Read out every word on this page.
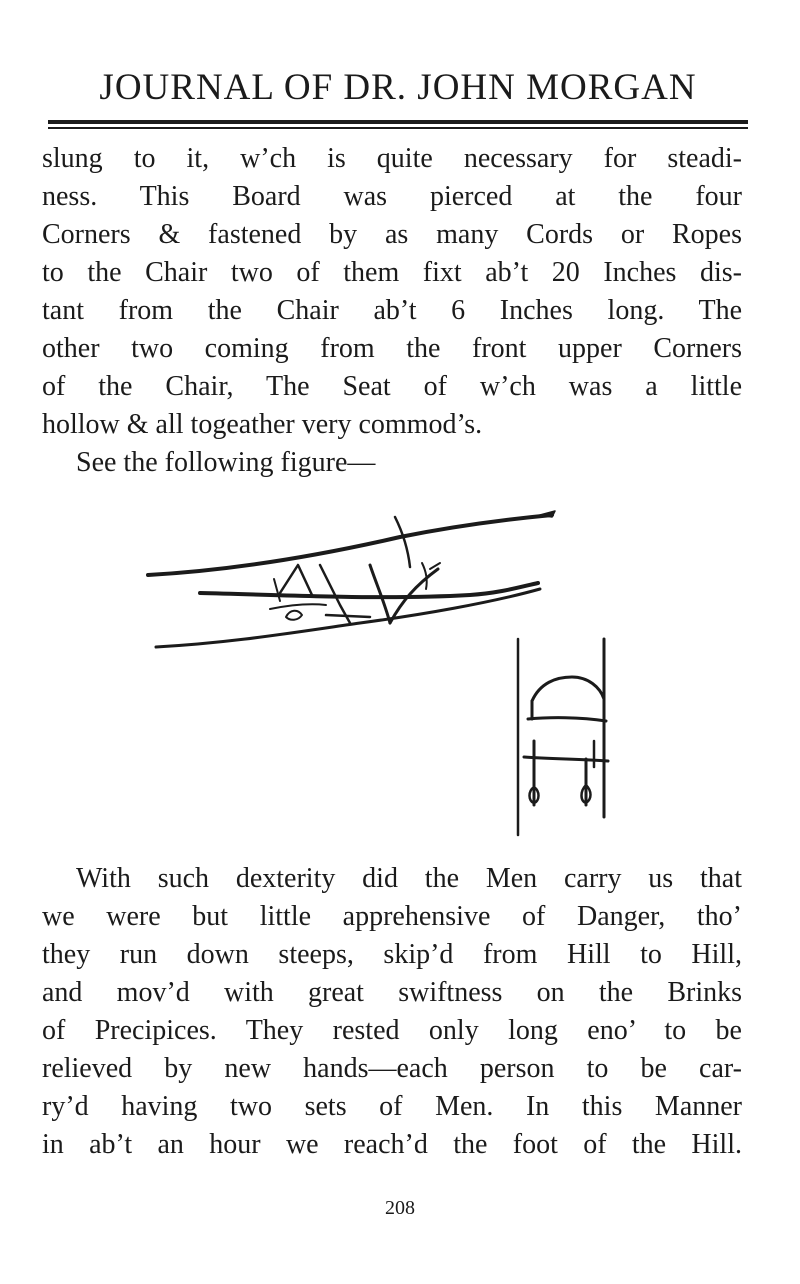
JOURNAL OF DR. JOHN MORGAN
slung to it, w’ch is quite necessary for steadi-
ness. This Board was pierced at the four
Corners & fastened by as many Cords or Ropes
to the Chair two of them fixt ab’t 20 Inches dis-
tant from the Chair ab’t 6 Inches long. The
other two coming from the front upper Corners
of the Chair, The Seat of w’ch was a little
hollow & all togeather very commod’s.
See the following figure—
With such dexterity did the Men carry us that
we were but little apprehensive of Danger, tho’
they run down steeps, skip’d from Hill to Hill,
and mov’d with great swiftness on the Brinks
of Precipices. They rested only long eno’ to be
relieved by new hands—each person to be car-
ry’d having two sets of Men. In this Manner
in ab’t an hour we reach’d the foot of the Hill.
208
